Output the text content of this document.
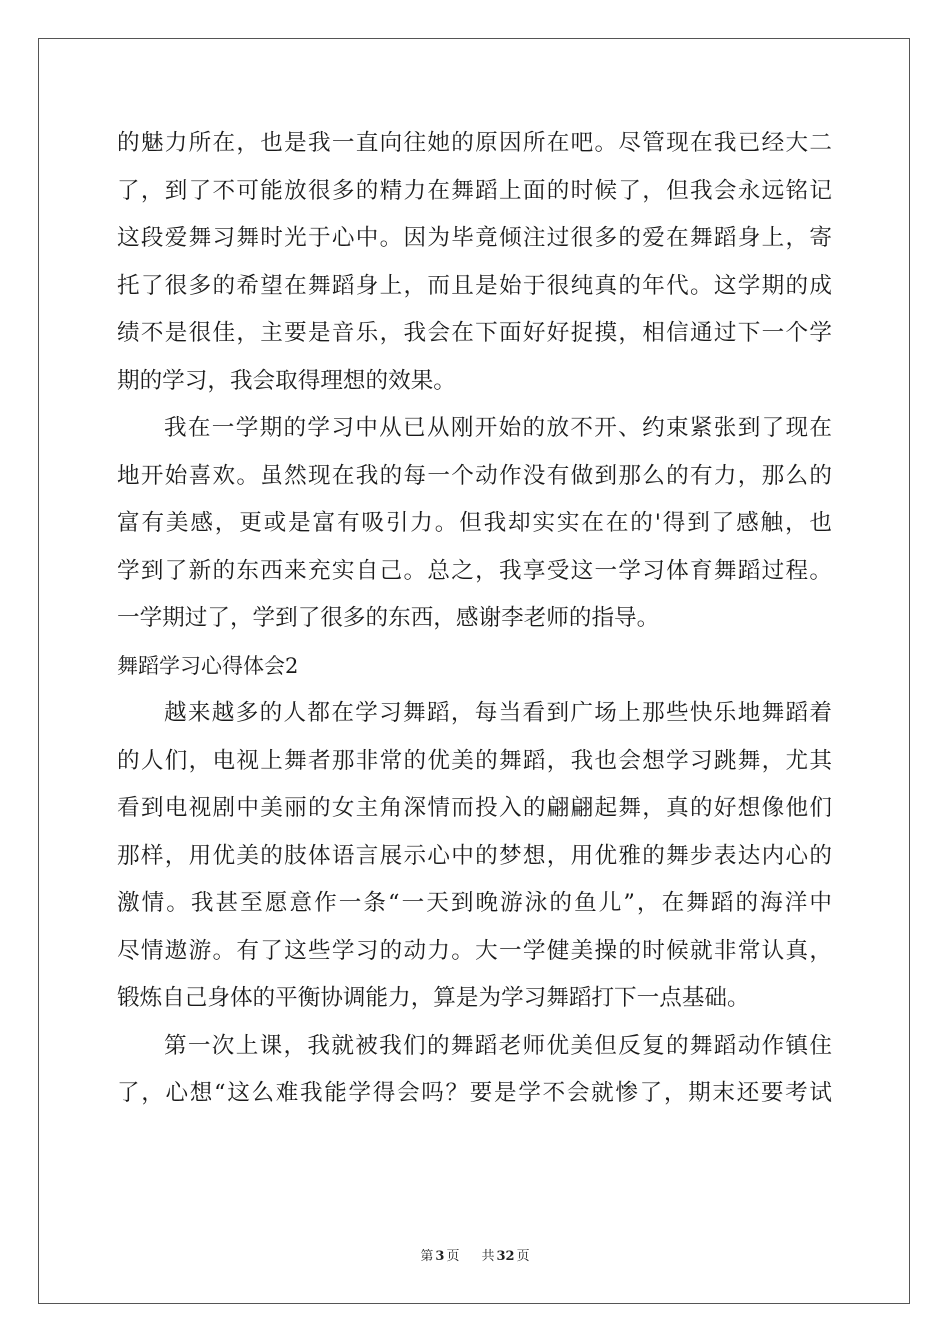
的魅力所在，也是我一直向往她的原因所在吧。尽管现在我已经大二
了，到了不可能放很多的精力在舞蹈上面的时候了，但我会永远铭记
这段爱舞习舞时光于心中。因为毕竟倾注过很多的爱在舞蹈身上，寄
托了很多的希望在舞蹈身上，而且是始于很纯真的年代。这学期的成
绩不是很佳，主要是音乐，我会在下面好好捉摸，相信通过下一个学
期的学习，我会取得理想的效果。
我在一学期的学习中从已从刚开始的放不开、约束紧张到了现在
地开始喜欢。虽然现在我的每一个动作没有做到那么的有力，那么的
富有美感，更或是富有吸引力。但我却实实在在的'得到了感触，也
学到了新的东西来充实自己。总之，我享受这一学习体育舞蹈过程。
一学期过了，学到了很多的东西，感谢李老师的指导。
舞蹈学习心得体会2
越来越多的人都在学习舞蹈，每当看到广场上那些快乐地舞蹈着
的人们，电视上舞者那非常的优美的舞蹈，我也会想学习跳舞，尤其
看到电视剧中美丽的女主角深情而投入的翩翩起舞，真的好想像他们
那样，用优美的肢体语言展示心中的梦想，用优雅的舞步表达内心的
激情。我甚至愿意作一条“一天到晚游泳的鱼儿”，在舞蹈的海洋中
尽情遨游。有了这些学习的动力。大一学健美操的时候就非常认真，
锻炼自己身体的平衡协调能力，算是为学习舞蹈打下一点基础。
第一次上课，我就被我们的舞蹈老师优美但反复的舞蹈动作镇住
了，心想“这么难我能学得会吗？要是学不会就惨了，期末还要考试
第 3 页 共 32 页
